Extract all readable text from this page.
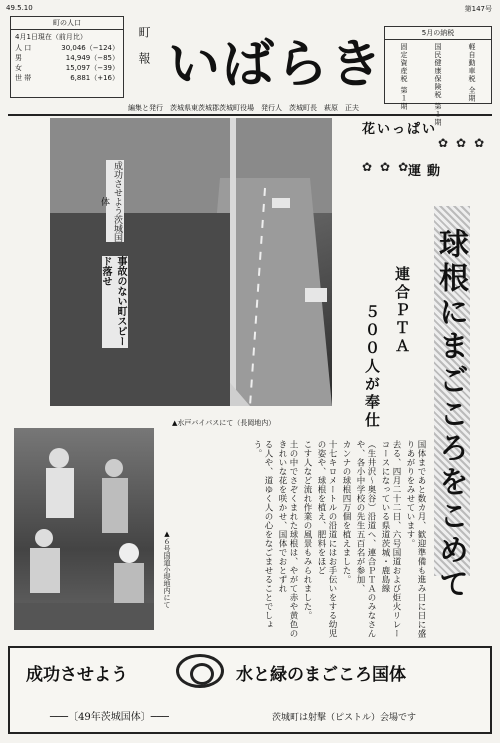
49.5.10	第147号
町の人口
4月1日現在（前月比）
人 口	30,046（−124）
男	14,949（−85）
女	15,097（−39）
世 帯	6,881（+16） 町報 いばらき
5月の納税
固定資産税 第１期	国民健康保険税 第１期	軽自動車税 全期
編集と発行　茨城県東茨城郡茨城町役場　発行人　茨城町長　萩原　正夫
成功させよう茨城国体
事故のない町スピード落せ
▲水戸バイパスにて（長岡地内）
花いっぱい
運動
✿✿✿
✿✿✿
球根にまごころをこめて
連合ＰＴＡ
５００人が奉仕
▲６号国道小堤地内にて	国体まであと数カ月、歓迎準備も進み日に日に盛りあがりをみせています。
去る、四月二十二日、六号国道および炬火リレーコースになっている県道茨城・鹿島線
（生井沢〜奥谷）沿道へ、連合ＰＴＡのみなさんや、各小中学校の先生五百名が参加、
カンナの球根四万個を植えました。
十七キロメートルの沿道にはお手伝いをする幼児の姿や、球根を植え、肥料をほど
こす人など流れ作業の風景もみられました。
土の中でさぞくまれた球根は、やがて赤や黄色のきれいな花を咲かせ、国体でおとずれ
る人や、道ゆく人の心をなごませることでしょう。
成功させよう	水と緑のまごころ国体
───〔49年茨城国体〕───	茨城町は射撃（ピストル）会場です
